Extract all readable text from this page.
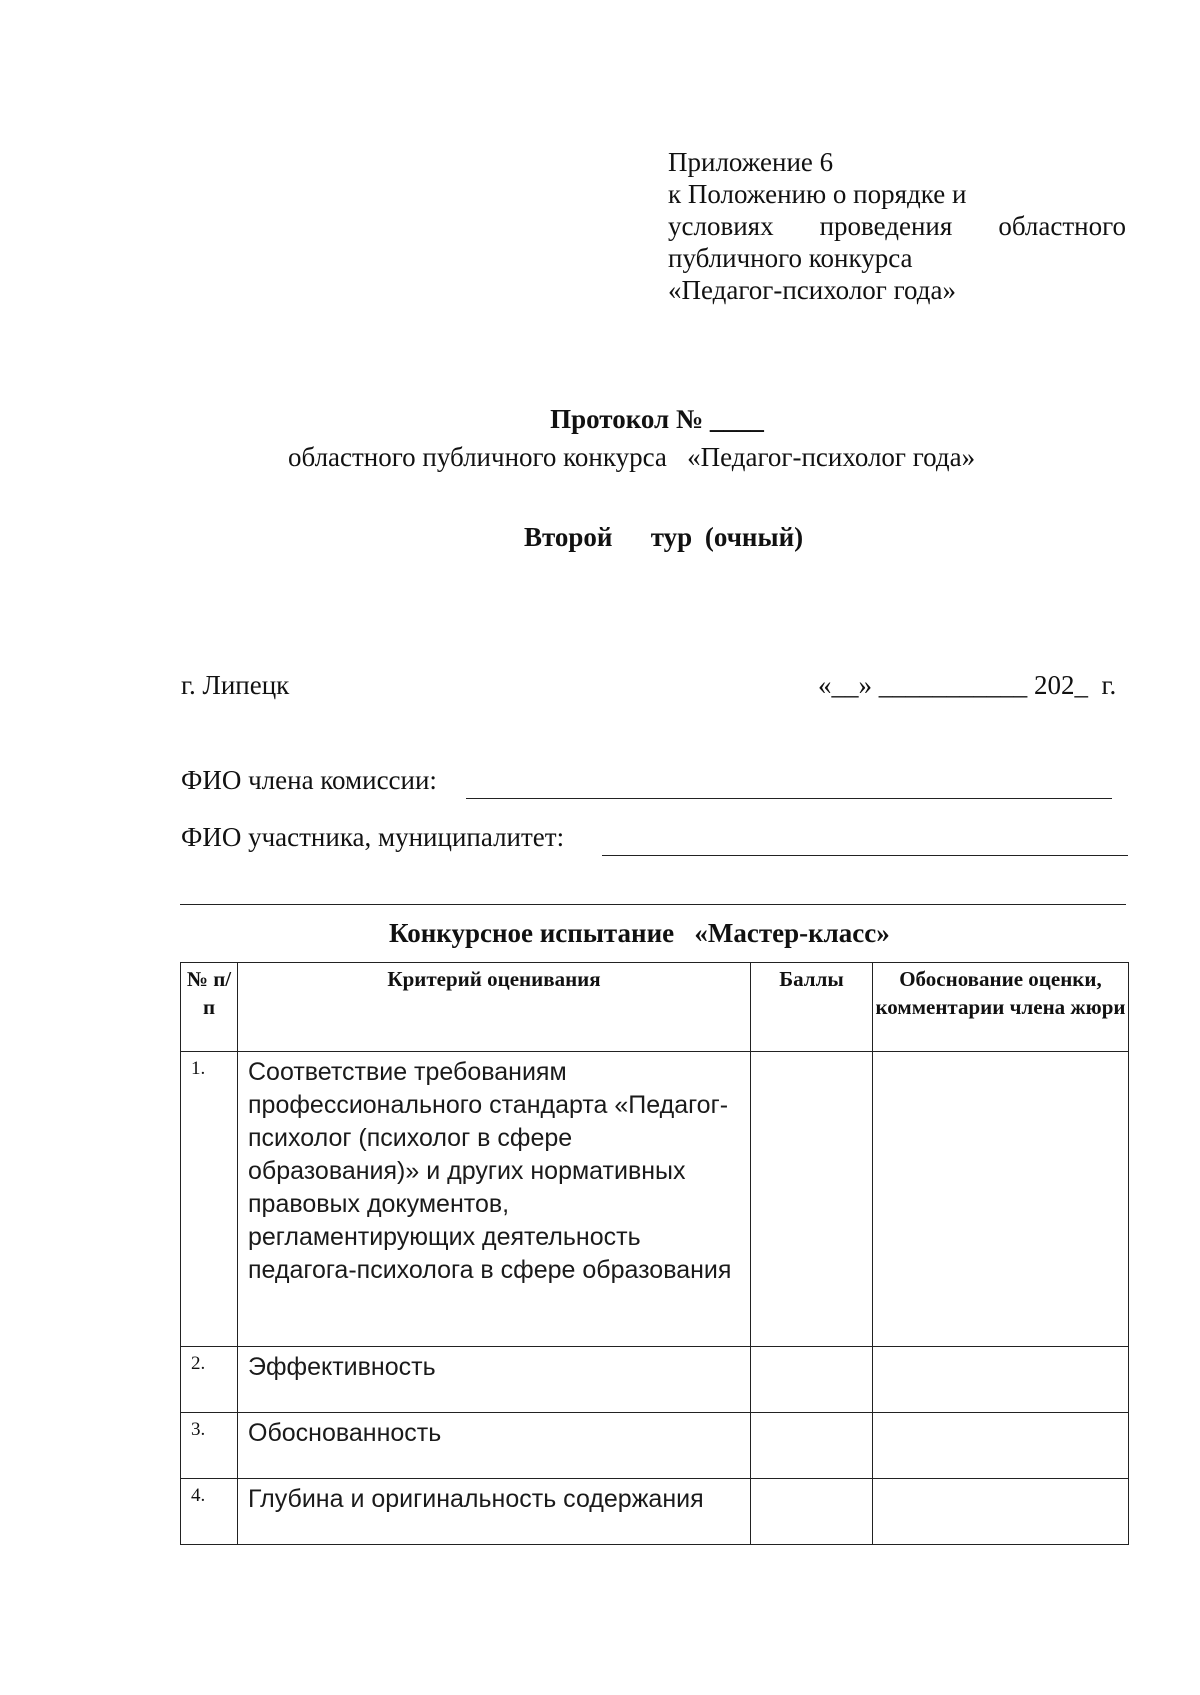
Приложение 6
к Положению о порядке и
условиях проведения областного
публичного конкурса
«Педагог-психолог года»
Протокол № ____
областного публичного конкурса   «Педагог-психолог года»
Второй   тур (очный)
г. Липецк	«__» ___________ 202_  г.
ФИО члена комиссии:
ФИО участника, муниципалитет:
Конкурсное испытание   «Мастер-класс»
№ п/п	Критерий оценивания	Баллы	Обоснование оценки, комментарии члена жюри
1.	Соответствие требованиям профессионального стандарта «Педагог-психолог (психолог в сфере образования)» и других нормативных правовых документов, регламентирующих деятельность педагога-психолога в сфере образования		
2.	Эффективность		
3.	Обоснованность		
4.	Глубина и оригинальность содержания		
